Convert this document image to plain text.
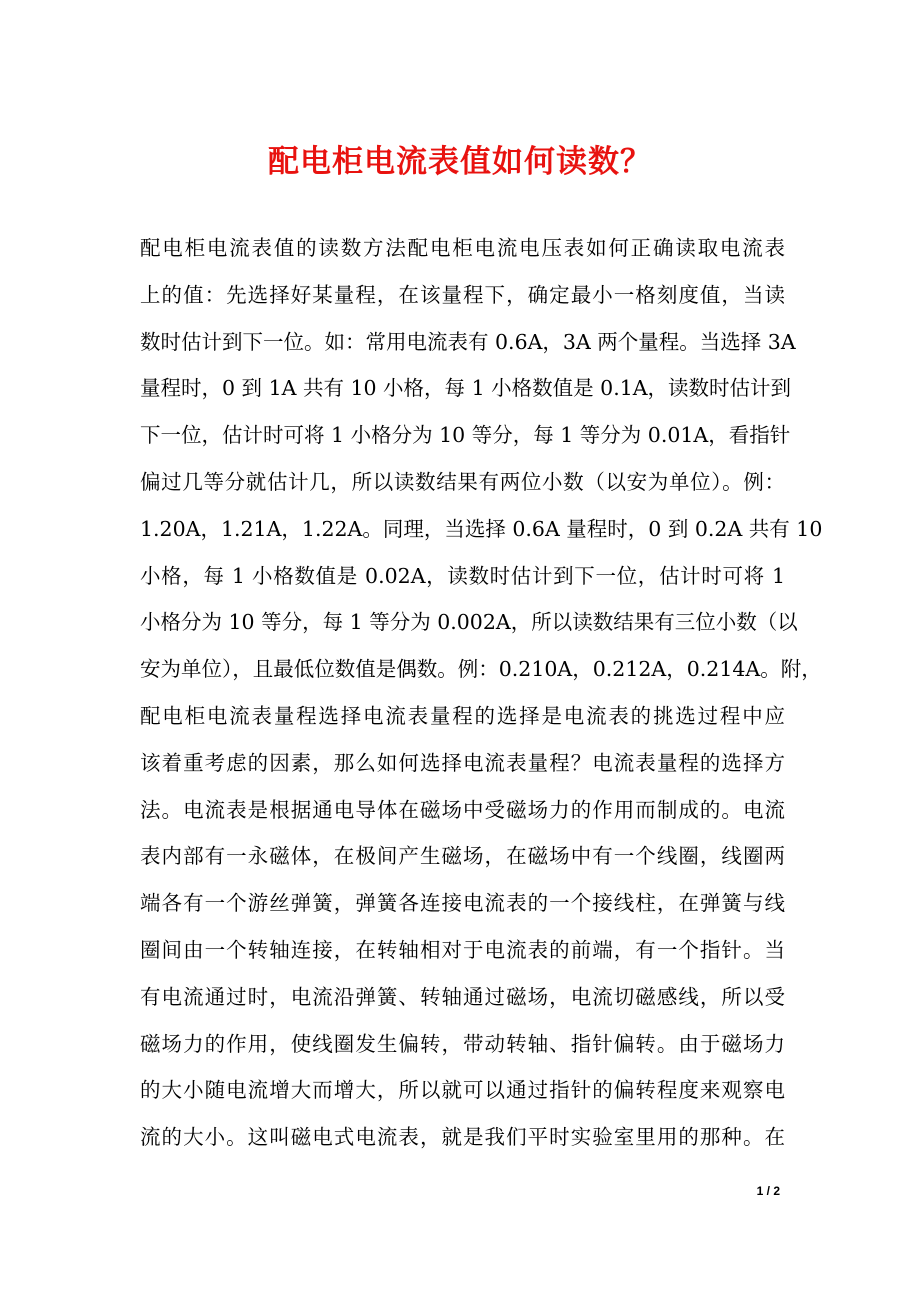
配电柜电流表值如何读数？
配电柜电流表值的读数方法配电柜电流电压表如何正确读取电流表
上的值：先选择好某量程，在该量程下，确定最小一格刻度值，当读
数时估计到下一位。如：常用电流表有 0.6A，3A 两个量程。当选择 3A
量程时，0 到 1A 共有 10 小格，每 1 小格数值是 0.1A，读数时估计到
下一位，估计时可将 1 小格分为 10 等分，每 1 等分为 0.01A，看指针
偏过几等分就估计几，所以读数结果有两位小数（以安为单位）。例：
1.20A，1.21A，1.22A。同理，当选择 0.6A 量程时，0 到 0.2A 共有 10
小格，每 1 小格数值是 0.02A，读数时估计到下一位，估计时可将 1
小格分为 10 等分，每 1 等分为 0.002A，所以读数结果有三位小数（以
安为单位），且最低位数值是偶数。例：0.210A，0.212A，0.214A。附，
配电柜电流表量程选择电流表量程的选择是电流表的挑选过程中应
该着重考虑的因素，那么如何选择电流表量程？电流表量程的选择方
法。电流表是根据通电导体在磁场中受磁场力的作用而制成的。电流
表内部有一永磁体，在极间产生磁场，在磁场中有一个线圈，线圈两
端各有一个游丝弹簧，弹簧各连接电流表的一个接线柱，在弹簧与线
圈间由一个转轴连接，在转轴相对于电流表的前端，有一个指针。当
有电流通过时，电流沿弹簧、转轴通过磁场，电流切磁感线，所以受
磁场力的作用，使线圈发生偏转，带动转轴、指针偏转。由于磁场力
的大小随电流增大而增大，所以就可以通过指针的偏转程度来观察电
流的大小。这叫磁电式电流表，就是我们平时实验室里用的那种。在
1 / 2
